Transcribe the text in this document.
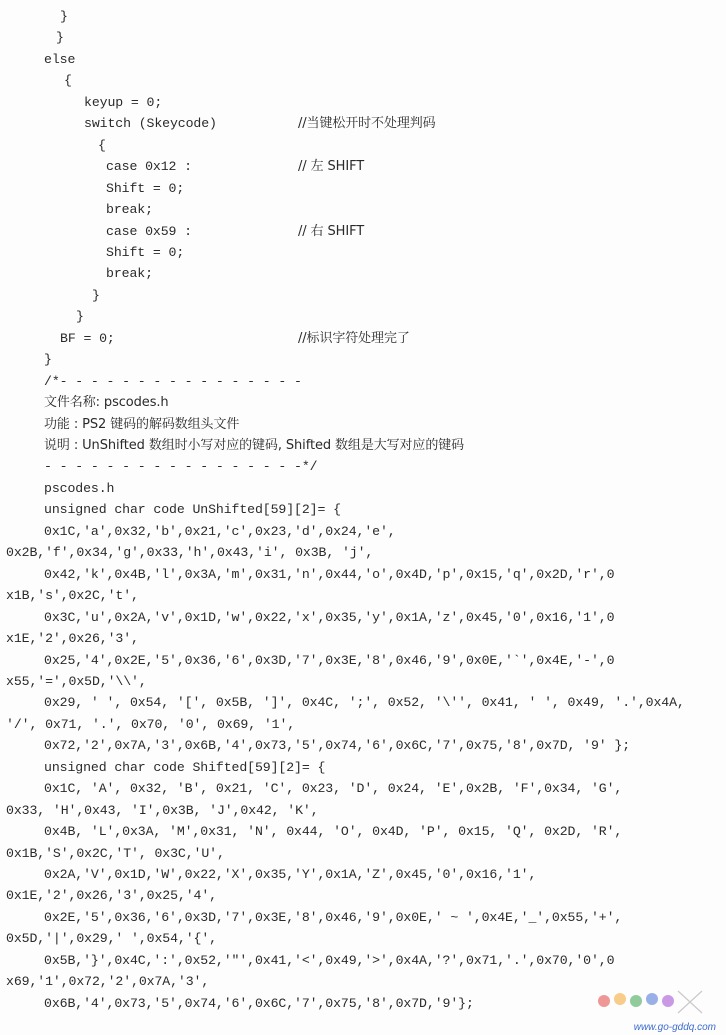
}
}
else
{
keyup = 0;
switch (Skeycode)	//当键松开时不处理判码
{
case 0x12 :	// 左 SHIFT
Shift = 0;
break;
case 0x59 :	// 右 SHIFT
Shift = 0;
break;
}
}
BF = 0;	//标识字符处理完了
}
/*- - - - - - - - - - - - - - - -
文件名称: pscodes.h
功能 : PS2 键码的解码数组头文件
说明 : UnShifted 数组时小写对应的键码, Shifted 数组是大写对应的键码
- - - - - - - - - - - - - - - - -*/
pscodes.h
unsigned char code UnShifted[59][2]= {
0x1C,'a',0x32,'b',0x21,'c',0x23,'d',0x24,'e',
0x2B,'f',0x34,'g',0x33,'h',0x43,'i', 0x3B, 'j',
0x42,'k',0x4B,'l',0x3A,'m',0x31,'n',0x44,'o',0x4D,'p',0x15,'q',0x2D,'r',0
x1B,'s',0x2C,'t',
0x3C,'u',0x2A,'v',0x1D,'w',0x22,'x',0x35,'y',0x1A,'z',0x45,'0',0x16,'1',0
x1E,'2',0x26,'3',
0x25,'4',0x2E,'5',0x36,'6',0x3D,'7',0x3E,'8',0x46,'9',0x0E,'`',0x4E,'-',0
x55,'=',0x5D,'\\',
0x29, ' ', 0x54, '[', 0x5B, ']', 0x4C, ';', 0x52, '\'', 0x41, ' ', 0x49, '.',0x4A,
'/', 0x71, '.', 0x70, '0', 0x69, '1',
0x72,'2',0x7A,'3',0x6B,'4',0x73,'5',0x74,'6',0x6C,'7',0x75,'8',0x7D, '9' };
unsigned char code Shifted[59][2]= {
0x1C, 'A', 0x32, 'B', 0x21, 'C', 0x23, 'D', 0x24, 'E',0x2B, 'F',0x34, 'G',
0x33, 'H',0x43, 'I',0x3B, 'J',0x42, 'K',
0x4B, 'L',0x3A, 'M',0x31, 'N', 0x44, 'O', 0x4D, 'P', 0x15, 'Q', 0x2D, 'R',
0x1B,'S',0x2C,'T', 0x3C,'U',
0x2A,'V',0x1D,'W',0x22,'X',0x35,'Y',0x1A,'Z',0x45,'0',0x16,'1',
0x1E,'2',0x26,'3',0x25,'4',
0x2E,'5',0x36,'6',0x3D,'7',0x3E,'8',0x46,'9',0x0E,' ~ ',0x4E,'_',0x55,'+',
0x5D,'|',0x29,' ',0x54,'{',
0x5B,'}',0x4C,':',0x52,'"',0x41,'<',0x49,'>',0x4A,'?',0x71,'.',0x70,'0',0
x69,'1',0x72,'2',0x7A,'3',
0x6B,'4',0x73,'5',0x74,'6',0x6C,'7',0x75,'8',0x7D,'9'};
www.go-gddq.com
